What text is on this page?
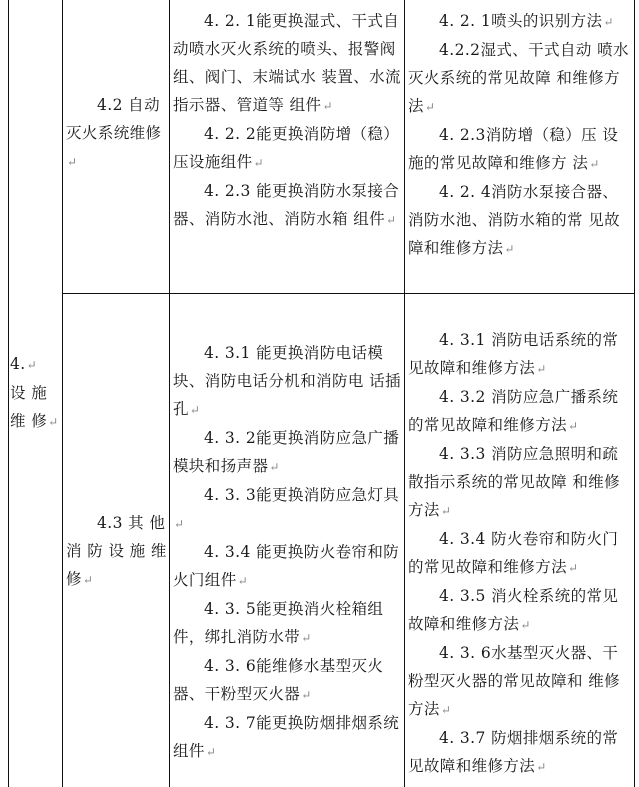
4.↵

设 施

维 修↵

4.2 自动灭火系统维修↵

4. 2. 1能更换湿式、干式自动喷水灭火系统的喷头、报警阀组、阀门、末端试水 装置、水流指示器、管道等 组件↵

4. 2. 2能更换消防增（稳）压设施组件↵

4. 2.3 能更换消防水泵接合器、消防水池、消防水箱 组件↵

4. 2. 1喷头的识别方法↵

4.2.2湿式、干式自动 喷水灭火系统的常见故障 和维修方法↵

4. 2.3消防增（稳）压 设施的常见故障和维修方 法↵

4. 2. 4消防水泵接合器、消防水池、消防水箱的常 见故障和维修方法↵

4.3 其 他 消 防 设 施 维 修↵

4. 3.1 能更换消防电话模块、消防电话分机和消防电 话插孔↵

4. 3. 2能更换消防应急广播模块和扬声器↵

4. 3. 3能更换消防应急灯具↵

4. 3.4 能更换防火卷帘和防火门组件↵

4. 3. 5能更换消火栓箱组件，绑扎消防水带↵

4. 3. 6能维修水基型灭火器、干粉型灭火器↵

4. 3. 7能更换防烟排烟系统组件↵

4. 3.1 消防电话系统的常见故障和维修方法↵

4. 3.2 消防应急广播系统的常见故障和维修方法↵

4. 3.3 消防应急照明和疏散指示系统的常见故障 和维修方法↵

4. 3.4 防火卷帘和防火门的常见故障和维修方法↵

4. 3.5 消火栓系统的常见故障和维修方法↵

4. 3. 6水基型灭火器、干粉型灭火器的常见故障和 维修方法↵

4. 3.7 防烟排烟系统的常见故障和维修方法↵
